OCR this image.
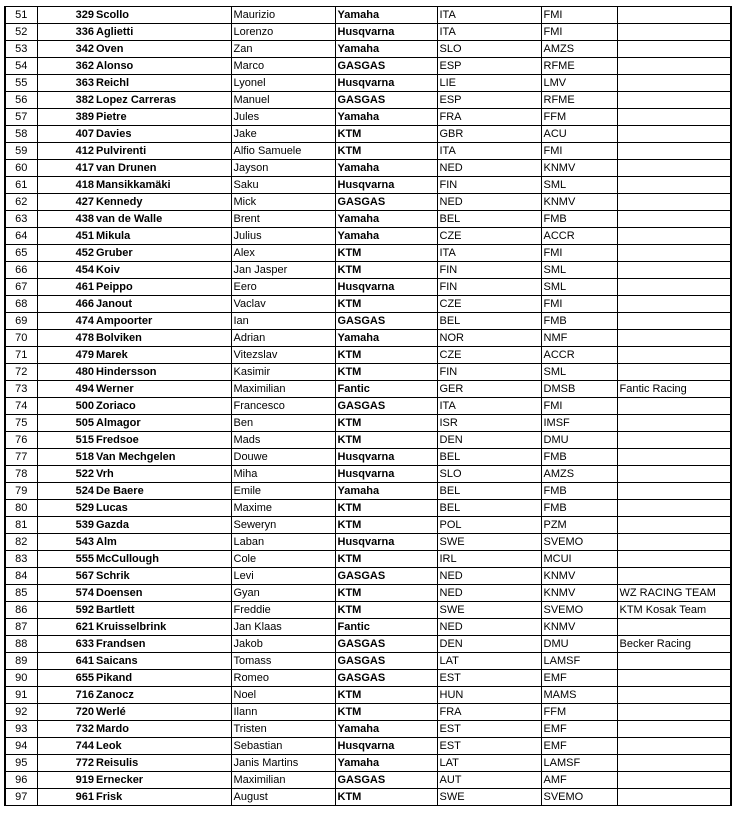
51	329	Scollo	Maurizio	Yamaha	ITA	FMI	
52	336	Aglietti	Lorenzo	Husqvarna	ITA	FMI	
53	342	Oven	Zan	Yamaha	SLO	AMZS	
54	362	Alonso	Marco	GASGAS	ESP	RFME	
55	363	Reichl	Lyonel	Husqvarna	LIE	LMV	
56	382	Lopez Carreras	Manuel	GASGAS	ESP	RFME	
57	389	Pietre	Jules	Yamaha	FRA	FFM	
58	407	Davies	Jake	KTM	GBR	ACU	
59	412	Pulvirenti	Alfio Samuele	KTM	ITA	FMI	
60	417	van Drunen	Jayson	Yamaha	NED	KNMV	
61	418	Mansikkamäki	Saku	Husqvarna	FIN	SML	
62	427	Kennedy	Mick	GASGAS	NED	KNMV	
63	438	van de Walle	Brent	Yamaha	BEL	FMB	
64	451	Mikula	Julius	Yamaha	CZE	ACCR	
65	452	Gruber	Alex	KTM	ITA	FMI	
66	454	Koiv	Jan Jasper	KTM	FIN	SML	
67	461	Peippo	Eero	Husqvarna	FIN	SML	
68	466	Janout	Vaclav	KTM	CZE	FMI	
69	474	Ampoorter	Ian	GASGAS	BEL	FMB	
70	478	Bolviken	Adrian	Yamaha	NOR	NMF	
71	479	Marek	Vitezslav	KTM	CZE	ACCR	
72	480	Hindersson	Kasimir	KTM	FIN	SML	
73	494	Werner	Maximilian	Fantic	GER	DMSB	Fantic Racing
74	500	Zoriaco	Francesco	GASGAS	ITA	FMI	
75	505	Almagor	Ben	KTM	ISR	IMSF	
76	515	Fredsoe	Mads	KTM	DEN	DMU	
77	518	Van Mechgelen	Douwe	Husqvarna	BEL	FMB	
78	522	Vrh	Miha	Husqvarna	SLO	AMZS	
79	524	De Baere	Emile	Yamaha	BEL	FMB	
80	529	Lucas	Maxime	KTM	BEL	FMB	
81	539	Gazda	Seweryn	KTM	POL	PZM	
82	543	Alm	Laban	Husqvarna	SWE	SVEMO	
83	555	McCullough	Cole	KTM	IRL	MCUI	
84	567	Schrik	Levi	GASGAS	NED	KNMV	
85	574	Doensen	Gyan	KTM	NED	KNMV	WZ RACING TEAM
86	592	Bartlett	Freddie	KTM	SWE	SVEMO	KTM Kosak Team
87	621	Kruisselbrink	Jan Klaas	Fantic	NED	KNMV	
88	633	Frandsen	Jakob	GASGAS	DEN	DMU	Becker Racing
89	641	Saicans	Tomass	GASGAS	LAT	LAMSF	
90	655	Pikand	Romeo	GASGAS	EST	EMF	
91	716	Zanocz	Noel	KTM	HUN	MAMS	
92	720	Werlé	Ilann	KTM	FRA	FFM	
93	732	Mardo	Tristen	Yamaha	EST	EMF	
94	744	Leok	Sebastian	Husqvarna	EST	EMF	
95	772	Reisulis	Janis Martins	Yamaha	LAT	LAMSF	
96	919	Ernecker	Maximilian	GASGAS	AUT	AMF	
97	961	Frisk	August	KTM	SWE	SVEMO	
